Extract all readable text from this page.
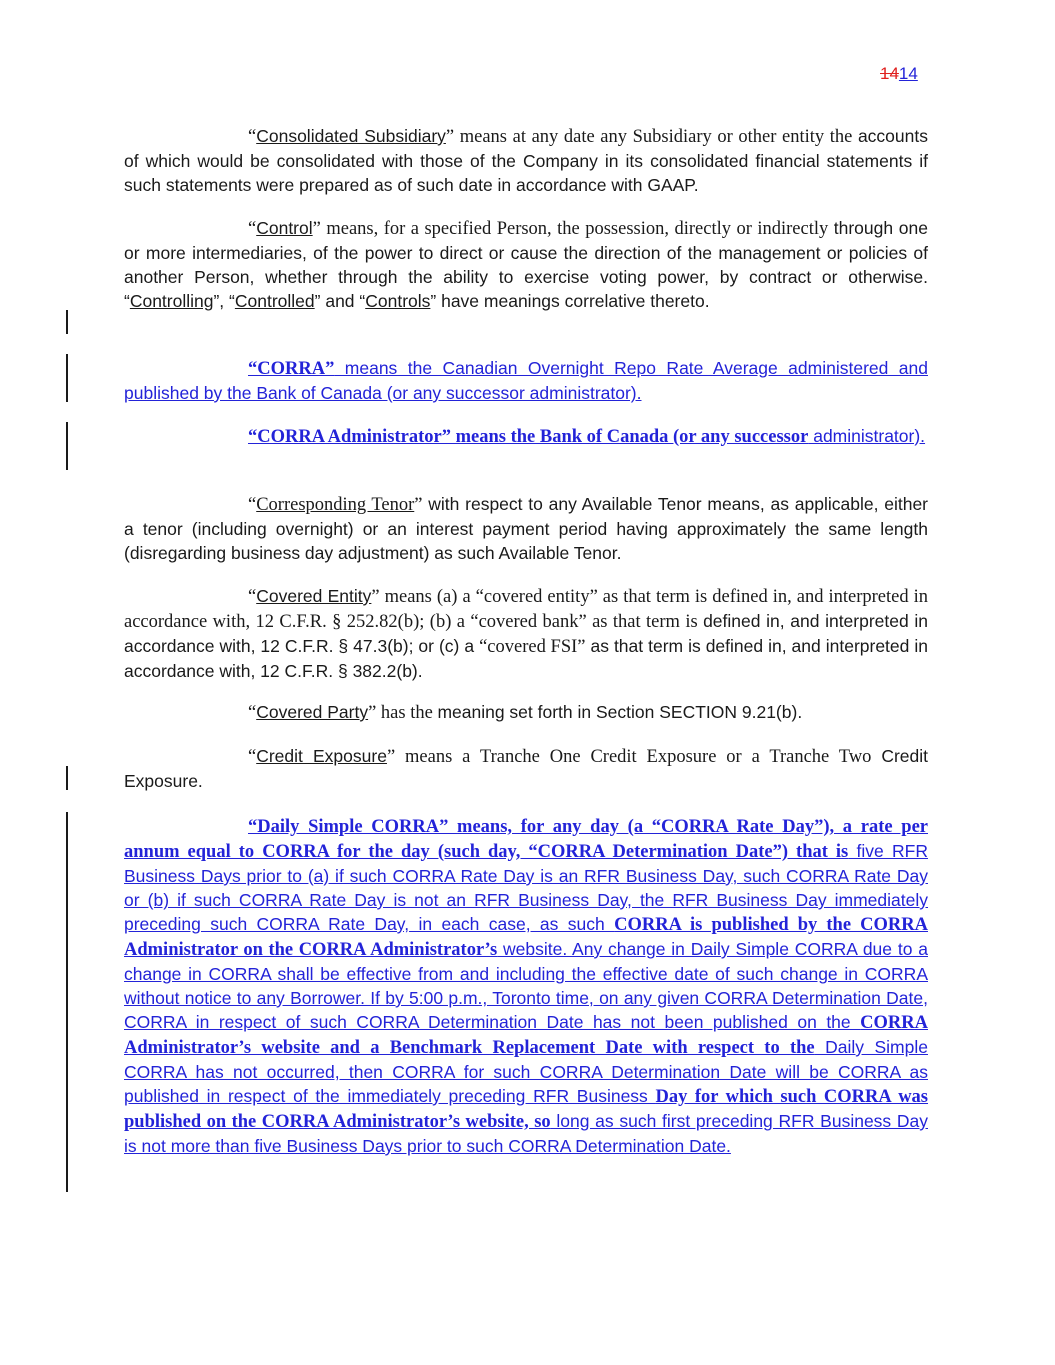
1414
“Consolidated Subsidiary” means at any date any Subsidiary or other entity the accounts of which would be consolidated with those of the Company in its consolidated financial statements if such statements were prepared as of such date in accordance with GAAP.
“Control” means, for a specified Person, the possession, directly or indirectly through one or more intermediaries, of the power to direct or cause the direction of the management or policies of another Person, whether through the ability to exercise voting power, by contract or otherwise. “Controlling”, “Controlled” and “Controls” have meanings correlative thereto.
“CORRA” means the Canadian Overnight Repo Rate Average administered and published by the Bank of Canada (or any successor administrator).
“CORRA Administrator” means the Bank of Canada (or any successor administrator).
“Corresponding Tenor” with respect to any Available Tenor means, as applicable, either a tenor (including overnight) or an interest payment period having approximately the same length (disregarding business day adjustment) as such Available Tenor.
“Covered Entity” means (a) a “covered entity” as that term is defined in, and interpreted in accordance with, 12 C.F.R. § 252.82(b); (b) a “covered bank” as that term is defined in, and interpreted in accordance with, 12 C.F.R. § 47.3(b); or (c) a “covered FSI” as that term is defined in, and interpreted in accordance with, 12 C.F.R. § 382.2(b).
“Covered Party” has the meaning set forth in Section SECTION 9.21(b).
“Credit Exposure” means a Tranche One Credit Exposure or a Tranche Two Credit Exposure.
“Daily Simple CORRA” means, for any day (a “CORRA Rate Day”), a rate per annum equal to CORRA for the day (such day, “CORRA Determination Date”) that is five RFR Business Days prior to (a) if such CORRA Rate Day is an RFR Business Day, such CORRA Rate Day or (b) if such CORRA Rate Day is not an RFR Business Day, the RFR Business Day immediately preceding such CORRA Rate Day, in each case, as such CORRA is published by the CORRA Administrator on the CORRA Administrator’s website. Any change in Daily Simple CORRA due to a change in CORRA shall be effective from and including the effective date of such change in CORRA without notice to any Borrower. If by 5:00 p.m., Toronto time, on any given CORRA Determination Date, CORRA in respect of such CORRA Determination Date has not been published on the CORRA Administrator’s website and a Benchmark Replacement Date with respect to the Daily Simple CORRA has not occurred, then CORRA for such CORRA Determination Date will be CORRA as published in respect of the immediately preceding RFR Business Day for which such CORRA was published on the CORRA Administrator’s website, so long as such first preceding RFR Business Day is not more than five Business Days prior to such CORRA Determination Date.
